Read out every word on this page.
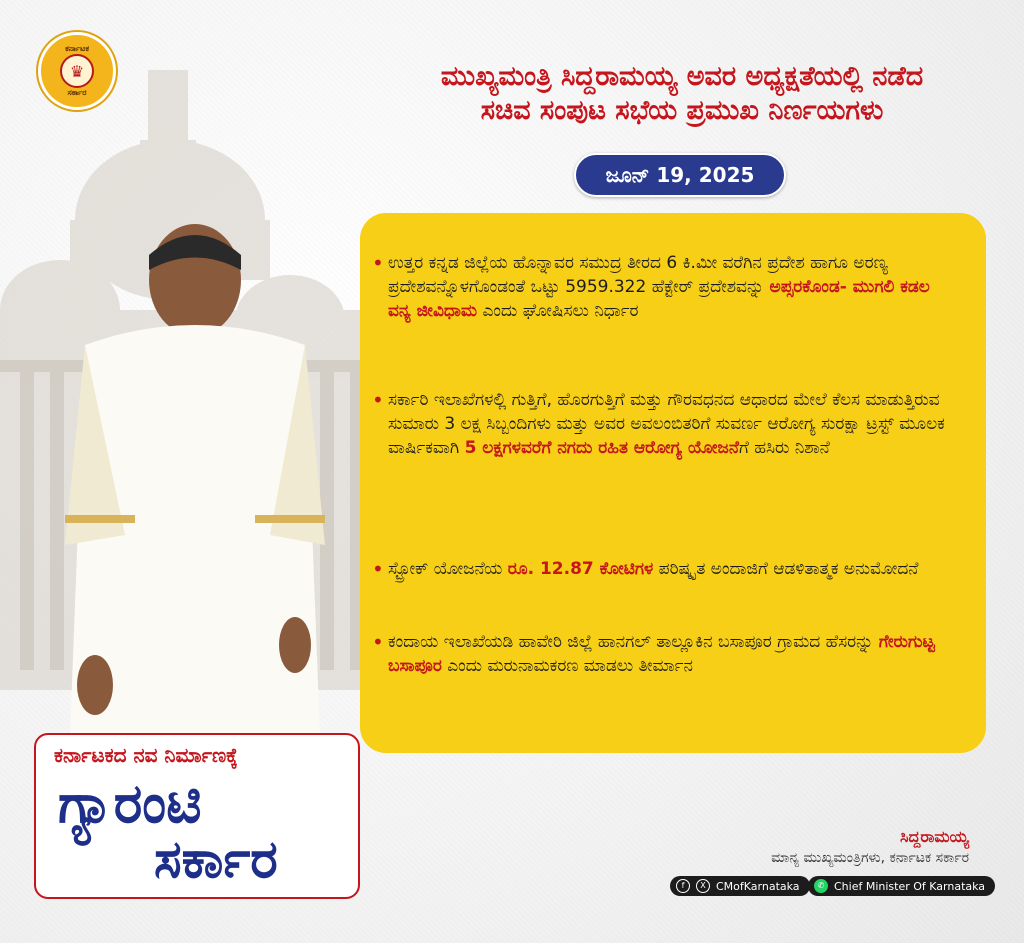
ಕರ್ನಾಟಕ
♛
ಸರ್ಕಾರ
ಮುಖ್ಯಮಂತ್ರಿ ಸಿದ್ದರಾಮಯ್ಯ ಅವರ ಅಧ್ಯಕ್ಷತೆಯಲ್ಲಿ ನಡೆದ
ಸಚಿವ ಸಂಪುಟ ಸಭೆಯ ಪ್ರಮುಖ ನಿರ್ಣಯಗಳು
ಜೂನ್ 19, 2025
• ಉತ್ತರ ಕನ್ನಡ ಜಿಲ್ಲೆಯ ಹೊನ್ನಾವರ ಸಮುದ್ರ ತೀರದ 6 ಕಿ.ಮೀ ವರೆಗಿನ ಪ್ರದೇಶ ಹಾಗೂ ಅರಣ್ಯ ಪ್ರದೇಶವನ್ನೊಳಗೊಂಡಂತೆ ಒಟ್ಟು 5959.322 ಹೆಕ್ಟೇರ್ ಪ್ರದೇಶವನ್ನು ಅಪ್ಸರಕೊಂಡ- ಮುಗಲಿ ಕಡಲ ವನ್ಯ ಜೀವಿಧಾಮ ಎಂದು ಘೋಷಿಸಲು ನಿರ್ಧಾರ
• ಸರ್ಕಾರಿ ಇಲಾಖೆಗಳಲ್ಲಿ ಗುತ್ತಿಗೆ, ಹೊರಗುತ್ತಿಗೆ ಮತ್ತು ಗೌರವಧನದ ಆಧಾರದ ಮೇಲೆ ಕೆಲಸ ಮಾಡುತ್ತಿರುವ ಸುಮಾರು 3 ಲಕ್ಷ ಸಿಬ್ಬಂದಿಗಳು ಮತ್ತು ಅವರ ಅವಲಂಬಿತರಿಗೆ ಸುವರ್ಣ ಆರೋಗ್ಯ ಸುರಕ್ಷಾ ಟ್ರಸ್ಟ್ ಮೂಲಕ ವಾರ್ಷಿಕವಾಗಿ 5 ಲಕ್ಷಗಳವರೆಗೆ ನಗದು ರಹಿತ ಆರೋಗ್ಯ ಯೋಜನೆಗೆ ಹಸಿರು ನಿಶಾನೆ
• ಸ್ಟ್ರೋಕ್ ಯೋಜನೆಯ ರೂ. 12.87 ಕೋಟಿಗಳ ಪರಿಷ್ಕೃತ ಅಂದಾಜಿಗೆ ಆಡಳಿತಾತ್ಮಕ ಅನುಮೋದನೆ
• ಕಂದಾಯ ಇಲಾಖೆಯಡಿ ಹಾವೇರಿ ಜಿಲ್ಲೆ ಹಾನಗಲ್ ತಾಲ್ಲೂಕಿನ ಬಸಾಪೂರ ಗ್ರಾಮದ ಹೆಸರನ್ನು ಗೇರುಗುಟ್ಟ ಬಸಾಪೂರ ಎಂದು ಮರುನಾಮಕರಣ ಮಾಡಲು ತೀರ್ಮಾನ
ಕರ್ನಾಟಕದ ನವ ನಿರ್ಮಾಣಕ್ಕೆ
ಗ್ಯಾರಂಟಿ
ಸರ್ಕಾರ	ಸಿದ್ದರಾಮಯ್ಯ
ಮಾನ್ಯ ಮುಖ್ಯಮಂತ್ರಿಗಳು, ಕರ್ನಾಟಕ ಸರ್ಕಾರ
f	X CMofKarnataka	✆ Chief Minister Of Karnataka
